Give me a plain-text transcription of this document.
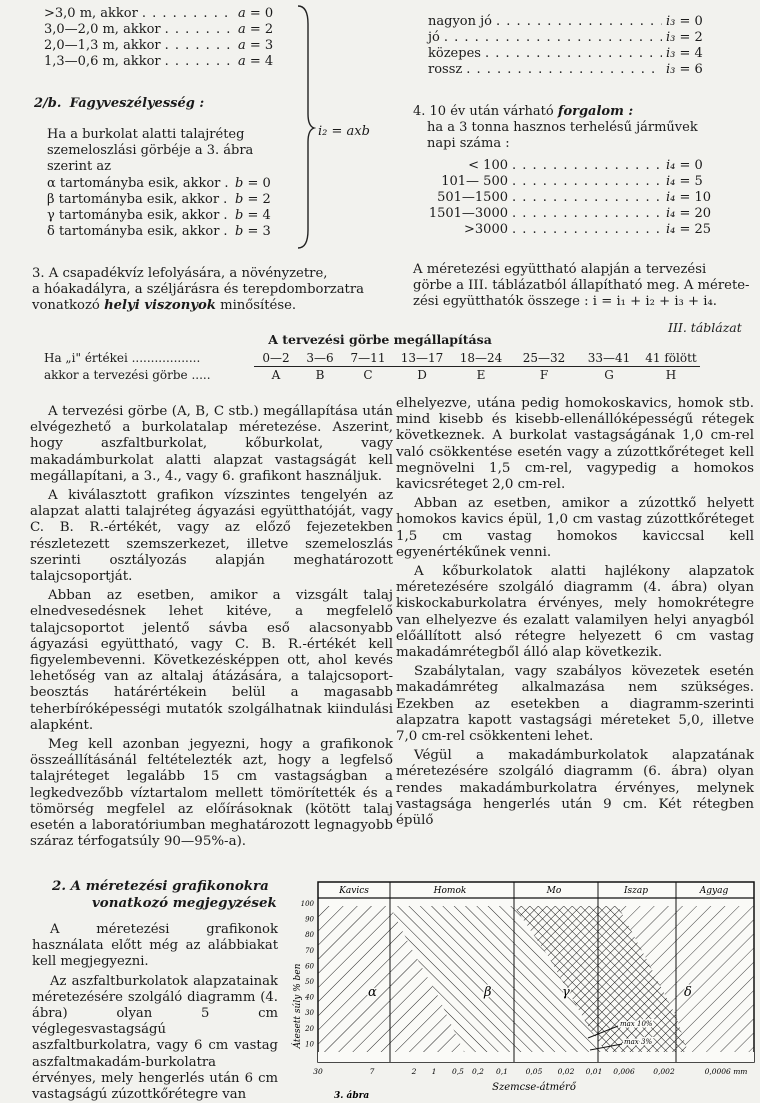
>3,0 m, akkor . . .	a = 0
3,0—2,0 m, akkor . . .	a = 2
2,0—1,3 m, akkor . . .	a = 3
1,3—0,6 m, akkor . . .	a = 4
2/b. Fagyveszélyesség :
Ha a burkolat alatti talajréteg
szemeloszlási görbéje a 3. ábra
szerint az
α tartományba esik, akkor . . . b = 0
β tartományba esik, akkor . . . b = 2
γ tartományba esik, akkor . . . b = 4
δ tartományba esik, akkor . . . b = 3
i₂ = axb
3. A csapadékvíz lefolyására, a növényzetre,
a hóakadályra, a széljárásra és terepdomborzatra
vonatkozó helyi viszonyok minősítése.
nagyon jó . . .	i₃ = 0
jó . . .	i₃ = 2
közepes . . .	i₃ = 4
rossz . . .	i₃ = 6
4. 10 év után várható forgalom :
ha a 3 tonna hasznos terhelésű járművek
napi száma :
< 100 . . .	i₄ = 0
101— 500 . . .	i₄ = 5
501—1500 . . .	i₄ = 10
1501—3000 . . .	i₄ = 20
>3000 . . .	i₄ = 25
A méretezési együttható alapján a tervezési
görbe a III. táblázatból állapítható meg. A mérete-
zési együtthatók összege : i = i₁ + i₂ + i₃ + i₄.
III. táblázat
A tervezési görbe megállapítása
Ha „i" értékei ..................	0—2	3—6	7—11	13—17	18—24	25—32	33—41	41 fölött
akkor a tervezési görbe .....	A	B	C	D	E	F	G	H

A tervezési görbe (A, B, C stb.) megállapítása után elvégezhető a burkolatalap méretezése. Aszerint, hogy aszfaltburkolat, kőburkolat, vagy makadámburkolat alatti alapzat vastagságát kell megállapítani, a 3., 4., vagy 6. grafikont használjuk.

A kiválasztott grafikon vízszintes tengelyén az alapzat alatti talajréteg ágyazási együtthatóját, vagy C. B. R.-értékét, vagy az előző fejezetekben részletezett szemszerkezet, illetve szemeloszlás szerinti osztályozás alapján meghatározott talajcsoportját.

Abban az esetben, amikor a vizsgált talaj elnedvesedésnek lehet kitéve, a megfelelő talajcsoportot jelentő sávba eső alacsonyabb ágyazási együttható, vagy C. B. R.-értékét kell figyelembevenni. Következésképpen ott, ahol kevés lehetőség van az altalaj átázására, a talajcsoport-beosztás határértékein belül a magasabb teherbíróképességi mutatók szolgálhatnak kiindulási alapként.

Meg kell azonban jegyezni, hogy a grafikonok összeállításánál feltételezték azt, hogy a legfelső talajréteget legalább 15 cm vastagságban a legkedvezőbb víztartalom mellett tömörítették és a tömörség megfelel az előírásoknak (kötött talaj esetén a laboratóriumban meghatározott legnagyobb száraz térfogatsúly 90—95%-a).

elhelyezve, utána pedig homokoskavics, homok stb. mind kisebb és kisebb-ellenállóképességű rétegek következnek. A burkolat vastagságának 1,0 cm-rel való csökkentése esetén vagy a zúzottkőréteget kell megnövelni 1,5 cm-rel, vagypedig a homokos kavicsréteget 2,0 cm-rel.

Abban az esetben, amikor a zúzottkő helyett homokos kavics épül, 1,0 cm vastag zúzottkőréteget 1,5 cm vastag homokos kaviccsal kell egyenértékűnek venni.

A kőburkolatok alatti hajlékony alapzatok méretezésére szolgáló diagramm (4. ábra) olyan kiskockaburkolatra érvényes, mely homokrétegre van elhelyezve és ezalatt valamilyen helyi anyagból előállított alsó rétegre helyezett 6 cm vastag makadámrétegből álló alap következik.

Szabálytalan, vagy szabályos kövezetek esetén makadámréteg alkalmazása nem szükséges. Ezekben az esetekben a diagramm-szerinti alapzatra kapott vastagsági méreteket 5,0, illetve 7,0 cm-rel csökkenteni lehet.

Végül a makadámburkolatok alapzatának méretezésére szolgáló diagramm (6. ábra) olyan rendes makadámburkolatra érvényes, melynek vastagsága hengerlés után 9 cm. Két rétegben épülő

2. A méretezési grafikonokra
vonatkozó megjegyzések

A méretezési grafikonok használata előtt még az alábbiakat kell megjegyezni.

Az aszfaltburkolatok alapzatainak méretezésére szolgáló diagramm (4. ábra) olyan 5 cm véglegesvastagságú aszfaltburkolatra, vagy 6 cm vastag aszfaltmakadám-burkolatra érvényes, mely hengerlés után 6 cm vastagságú zúzottkőrétegre van

Kavics	Homok	Mo	Iszap	Agyag
α	β	γ	δ
100
90
80
70
60
50
40
30
20
10
Átesett súly % ben
30	7	2 1 0,5 0,2 0,1 0,05 0,02 0,01 0,006 0,002	0,0006 mm
Szemcse-átmérő
max 10%
max 3%
3. ábra
